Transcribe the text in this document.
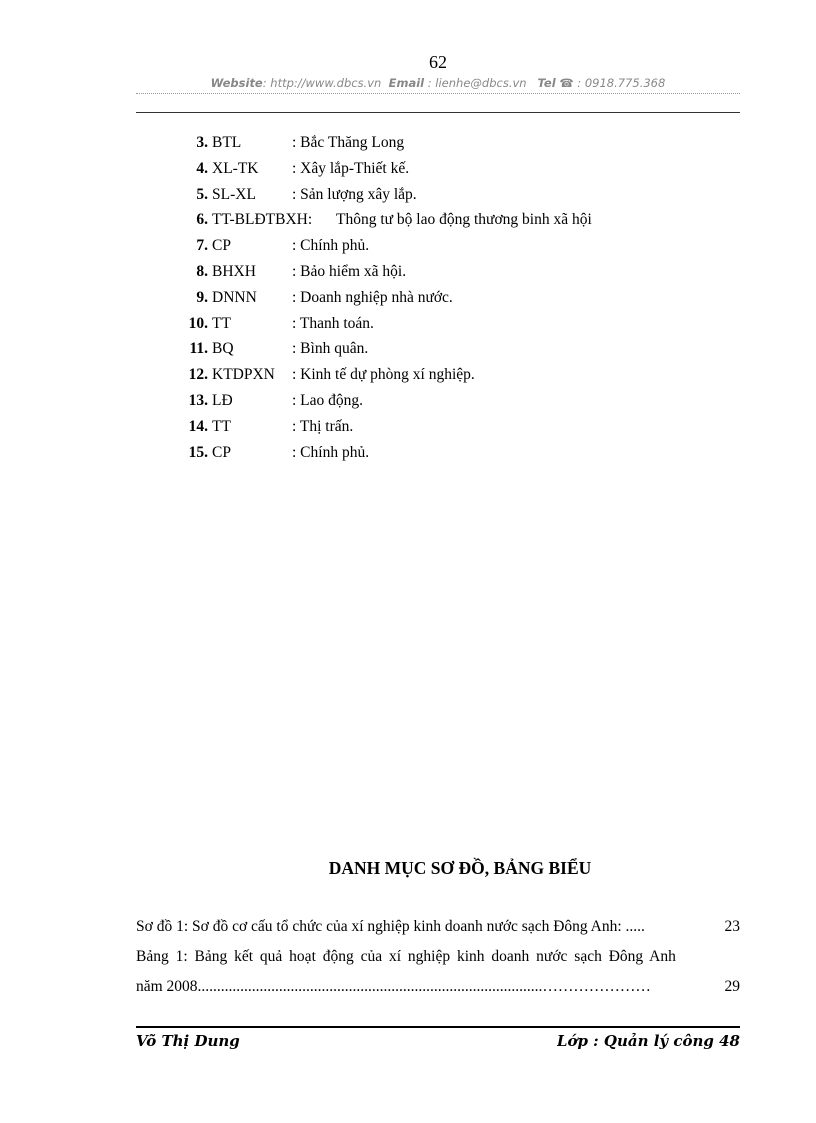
62
Website: http://www.dbcs.vn Email : lienhe@dbcs.vn Tel ☎ : 0918.775.368
3. BTL	: Bắc Thăng Long
4. XL-TK : Xây lắp-Thiết kế.
5. SL-XL : Sản lượng xây lắp.
6. TT-BLĐTBXH: Thông tư bộ lao động thương binh xã hội
7. CP	: Chính phủ.
8. BHXH : Bảo hiểm xã hội.
9. DNNN : Doanh nghiệp nhà nước.
10. TT	: Thanh toán.
11. BQ	: Bình quân.
12. KTDPXN : Kinh tế dự phòng xí nghiệp.
13. LĐ	: Lao động.
14. TT	: Thị trấn.
15. CP	: Chính phủ.
DANH MỤC SƠ ĐỒ, BẢNG BIỂU
Sơ đồ 1: Sơ đồ cơ cấu tổ chức của xí nghiệp kinh doanh nước sạch Đông Anh: .....	23
Bảng 1: Bảng kết quả hoạt động của xí nghiệp kinh doanh nước sạch Đông Anh
năm 2008.........................................................................................…………………	29
Võ Thị Dung	Lớp : Quản lý công 48
